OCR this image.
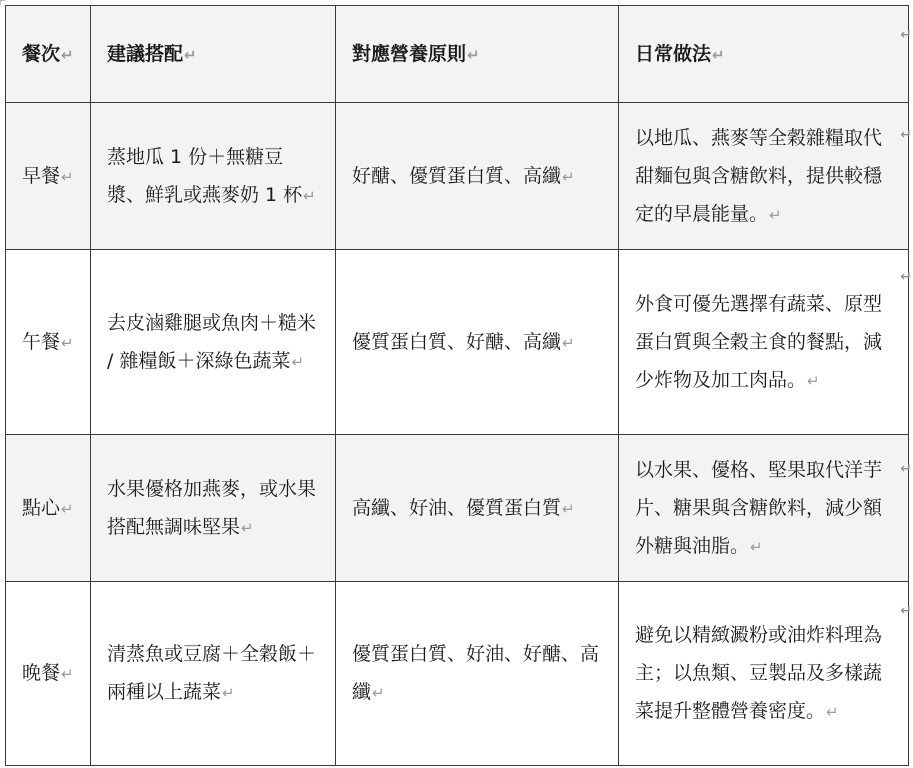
餐次↵	建議搭配↵	對應營養原則↵	日常做法↵
早餐↵	蒸地瓜 1 份＋無糖豆漿、鮮乳或燕麥奶 1 杯↵	好醣、優質蛋白質、高纖↵	以地瓜、燕麥等全穀雜糧取代甜麵包與含糖飲料，提供較穩定的早晨能量。↵
午餐↵	去皮滷雞腿或魚肉＋糙米 / 雜糧飯＋深綠色蔬菜↵	優質蛋白質、好醣、高纖↵	外食可優先選擇有蔬菜、原型蛋白質與全穀主食的餐點，減少炸物及加工肉品。↵
點心↵	水果優格加燕麥，或水果搭配無調味堅果↵	高纖、好油、優質蛋白質↵	以水果、優格、堅果取代洋芋片、糖果與含糖飲料，減少額外糖與油脂。↵
晚餐↵	清蒸魚或豆腐＋全穀飯＋兩種以上蔬菜↵	優質蛋白質、好油、好醣、高纖↵	避免以精緻澱粉或油炸料理為主；以魚類、豆製品及多樣蔬菜提升整體營養密度。↵
↵
↵
↵
↵
↵
